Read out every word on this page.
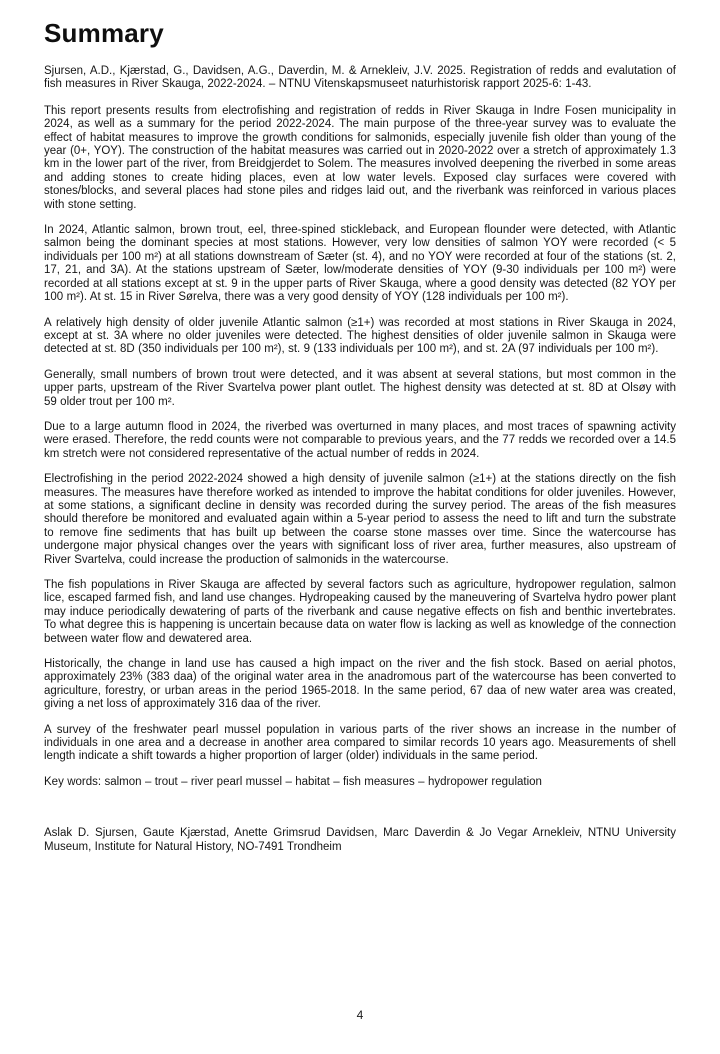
Summary

Sjursen, A.D., Kjærstad, G., Davidsen, A.G., Daverdin, M. & Arnekleiv, J.V. 2025. Registration of redds and evalutation of fish measures in River Skauga, 2022-2024. – NTNU Vitenskapsmuseet naturhistorisk rapport 2025-6: 1-43.

This report presents results from electrofishing and registration of redds in River Skauga in Indre Fosen municipality in 2024, as well as a summary for the period 2022-2024. The main purpose of the three-year survey was to evaluate the effect of habitat measures to improve the growth conditions for salmonids, especially juvenile fish older than young of the year (0+, YOY). The construction of the habitat measures was carried out in 2020-2022 over a stretch of approximately 1.3 km in the lower part of the river, from Breidgjerdet to Solem. The measures involved deepening the riverbed in some areas and adding stones to create hiding places, even at low water levels. Exposed clay surfaces were covered with stones/blocks, and several places had stone piles and ridges laid out, and the riverbank was reinforced in various places with stone setting.

In 2024, Atlantic salmon, brown trout, eel, three-spined stickleback, and European flounder were detected, with Atlantic salmon being the dominant species at most stations. However, very low densities of salmon YOY were recorded (< 5 individuals per 100 m²) at all stations downstream of Sæter (st. 4), and no YOY were recorded at four of the stations (st. 2, 17, 21, and 3A). At the stations upstream of Sæter, low/moderate densities of YOY (9-30 individuals per 100 m²) were recorded at all stations except at st. 9 in the upper parts of River Skauga, where a good density was detected (82 YOY per 100 m²). At st. 15 in River Sørelva, there was a very good density of YOY (128 individuals per 100 m²).

A relatively high density of older juvenile Atlantic salmon (≥1+) was recorded at most stations in River Skauga in 2024, except at st. 3A where no older juveniles were detected. The highest densities of older juvenile salmon in Skauga were detected at st. 8D (350 individuals per 100 m²), st. 9 (133 individuals per 100 m²), and st. 2A (97 individuals per 100 m²).

Generally, small numbers of brown trout were detected, and it was absent at several stations, but most common in the upper parts, upstream of the River Svartelva power plant outlet. The highest density was detected at st. 8D at Olsøy with 59 older trout per 100 m².

Due to a large autumn flood in 2024, the riverbed was overturned in many places, and most traces of spawning activity were erased. Therefore, the redd counts were not comparable to previous years, and the 77 redds we recorded over a 14.5 km stretch were not considered representative of the actual number of redds in 2024.

Electrofishing in the period 2022-2024 showed a high density of juvenile salmon (≥1+) at the stations directly on the fish measures. The measures have therefore worked as intended to improve the habitat conditions for older juveniles. However, at some stations, a significant decline in density was recorded during the survey period. The areas of the fish measures should therefore be monitored and evaluated again within a 5-year period to assess the need to lift and turn the substrate to remove fine sediments that has built up between the coarse stone masses over time. Since the watercourse has undergone major physical changes over the years with significant loss of river area, further measures, also upstream of River Svartelva, could increase the production of salmonids in the watercourse.

The fish populations in River Skauga are affected by several factors such as agriculture, hydropower regulation, salmon lice, escaped farmed fish, and land use changes. Hydropeaking caused by the maneuvering of Svartelva hydro power plant may induce periodically dewatering of parts of the riverbank and cause negative effects on fish and benthic invertebrates. To what degree this is happening is uncertain because data on water flow is lacking as well as knowledge of the connection between water flow and dewatered area.

Historically, the change in land use has caused a high impact on the river and the fish stock. Based on aerial photos, approximately 23% (383 daa) of the original water area in the anadromous part of the watercourse has been converted to agriculture, forestry, or urban areas in the period 1965-2018. In the same period, 67 daa of new water area was created, giving a net loss of approximately 316 daa of the river.

A survey of the freshwater pearl mussel population in various parts of the river shows an increase in the number of individuals in one area and a decrease in another area compared to similar records 10 years ago. Measurements of shell length indicate a shift towards a higher proportion of larger (older) individuals in the same period.

Key words: salmon – trout – river pearl mussel – habitat – fish measures – hydropower regulation

Aslak D. Sjursen, Gaute Kjærstad, Anette Grimsrud Davidsen, Marc Daverdin & Jo Vegar Arnekleiv, NTNU University Museum, Institute for Natural History, NO-7491 Trondheim

4
